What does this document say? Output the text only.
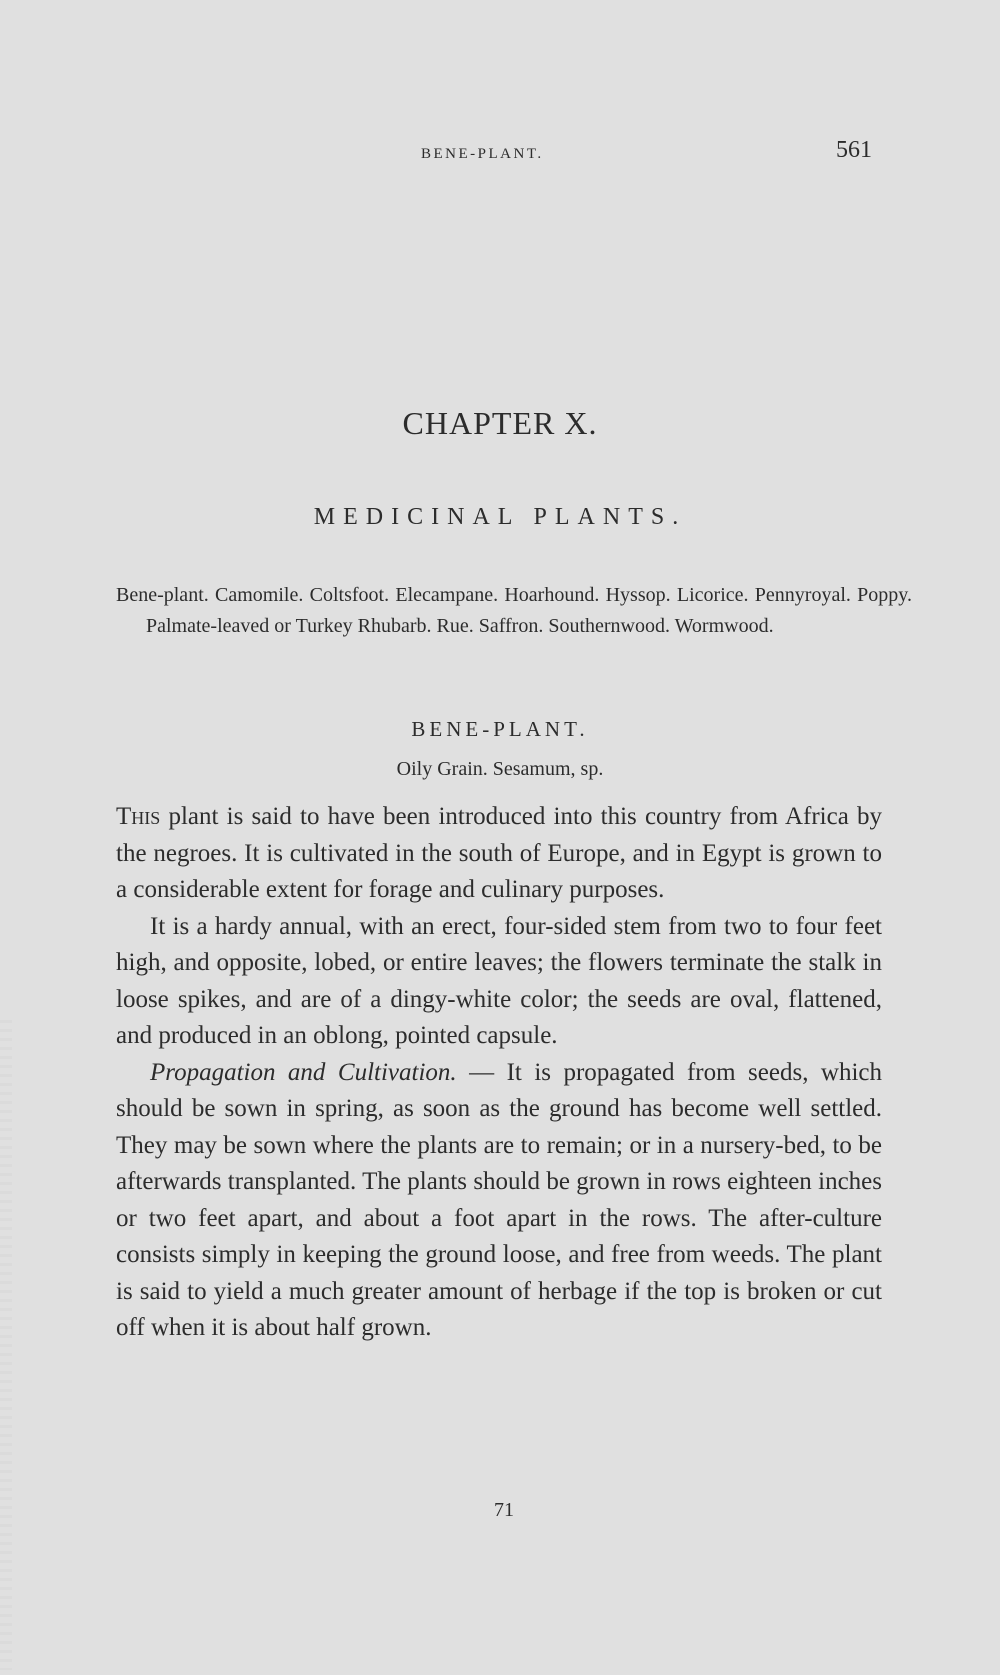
BENE-PLANT.	561
CHAPTER X.
MEDICINAL PLANTS.
Bene-plant. Camomile. Coltsfoot. Elecampane. Hoarhound. Hyssop. Licorice. Pennyroyal. Poppy. Palmate-leaved or Turkey Rhubarb. Rue. Saffron. Southernwood. Wormwood.
BENE-PLANT.
Oily Grain. Sesamum, sp.

This plant is said to have been introduced into this country from Africa by the negroes. It is cultivated in the south of Europe, and in Egypt is grown to a considerable extent for forage and culinary purposes.

It is a hardy annual, with an erect, four-sided stem from two to four feet high, and opposite, lobed, or entire leaves; the flowers terminate the stalk in loose spikes, and are of a dingy-white color; the seeds are oval, flattened, and produced in an oblong, pointed capsule.

Propagation and Cultivation. — It is propagated from seeds, which should be sown in spring, as soon as the ground has become well settled. They may be sown where the plants are to remain; or in a nursery-bed, to be afterwards transplanted. The plants should be grown in rows eighteen inches or two feet apart, and about a foot apart in the rows. The after-culture consists simply in keeping the ground loose, and free from weeds. The plant is said to yield a much greater amount of herbage if the top is broken or cut off when it is about half grown.

71
